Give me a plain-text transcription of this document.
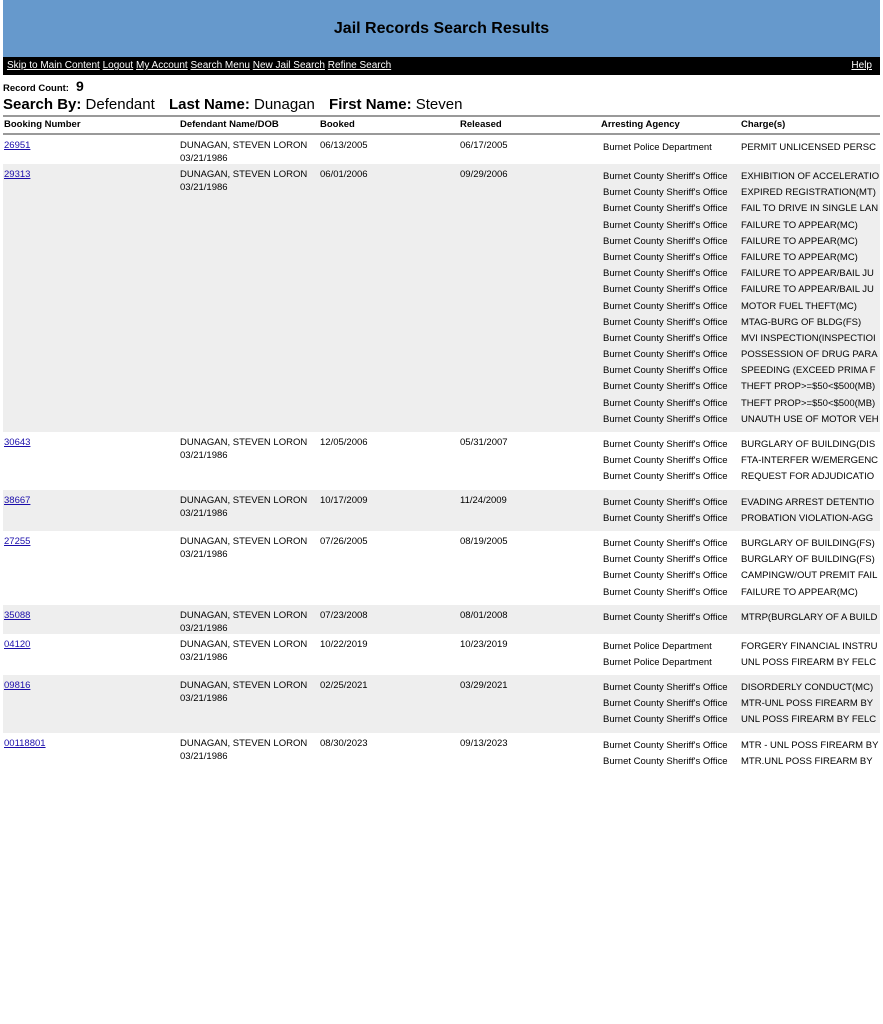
Jail Records Search Results
Skip to Main Content Logout My Account Search Menu New Jail Search Refine Search	Help
Record Count: 9
Search By: Defendant Last Name: Dunagan First Name: Steven
Booking Number	Defendant Name/DOB	Booked	Released	Arresting Agency	Charge(s)
26951	DUNAGAN, STEVEN LORON
03/21/1986
06/13/2005	06/17/2005	Burnet Police Department	PERMIT UNLICENSED PERSC
29313	DUNAGAN, STEVEN LORON
03/21/1986
06/01/2006	09/29/2006	Burnet County Sheriff's Office EXHIBITION OF ACCELERATIO
Burnet County Sheriff's Office EXPIRED REGISTRATION(MT)
Burnet County Sheriff's Office FAIL TO DRIVE IN SINGLE LAN
Burnet County Sheriff's Office FAILURE TO APPEAR(MC)
Burnet County Sheriff's Office FAILURE TO APPEAR(MC)
Burnet County Sheriff's Office FAILURE TO APPEAR(MC)
Burnet County Sheriff's Office FAILURE TO APPEAR/BAIL JU
Burnet County Sheriff's Office FAILURE TO APPEAR/BAIL JU
Burnet County Sheriff's Office MOTOR FUEL THEFT(MC)
Burnet County Sheriff's Office MTAG-BURG OF BLDG(FS)
Burnet County Sheriff's Office MVI INSPECTION(INSPECTIOI
Burnet County Sheriff's Office POSSESSION OF DRUG PARA
Burnet County Sheriff's Office SPEEDING (EXCEED PRIMA F
Burnet County Sheriff's Office THEFT PROP>=$50<$500(MB)
Burnet County Sheriff's Office THEFT PROP>=$50<$500(MB)
Burnet County Sheriff's Office UNAUTH USE OF MOTOR VEH
30643	DUNAGAN, STEVEN LORON
03/21/1986
12/05/2006	05/31/2007	Burnet County Sheriff's Office BURGLARY OF BUILDING(DIS
Burnet County Sheriff's Office FTA-INTERFER W/EMERGENC
Burnet County Sheriff's Office REQUEST FOR ADJUDICATIO
38667	DUNAGAN, STEVEN LORON
03/21/1986
10/17/2009	11/24/2009	Burnet County Sheriff's Office EVADING ARREST DETENTIO
Burnet County Sheriff's Office PROBATION VIOLATION-AGG
27255	DUNAGAN, STEVEN LORON
03/21/1986
07/26/2005	08/19/2005	Burnet County Sheriff's Office BURGLARY OF BUILDING(FS)
Burnet County Sheriff's Office BURGLARY OF BUILDING(FS)
Burnet County Sheriff's Office CAMPINGW/OUT PREMIT FAIL
Burnet County Sheriff's Office FAILURE TO APPEAR(MC)
35088	DUNAGAN, STEVEN LORON
03/21/1986
07/23/2008	08/01/2008	Burnet County Sheriff's Office MTRP(BURGLARY OF A BUILD
04120	DUNAGAN, STEVEN LORON
03/21/1986
10/22/2019	10/23/2019	Burnet Police Department	FORGERY FINANCIAL INSTRU
Burnet Police Department	UNL POSS FIREARM BY FELC
09816	DUNAGAN, STEVEN LORON
03/21/1986
02/25/2021	03/29/2021	Burnet County Sheriff's Office DISORDERLY CONDUCT(MC)
Burnet County Sheriff's Office MTR-UNL POSS FIREARM BY
Burnet County Sheriff's Office UNL POSS FIREARM BY FELC
00118801	DUNAGAN, STEVEN LORON
03/21/1986
08/30/2023	09/13/2023	Burnet County Sheriff's Office MTR - UNL POSS FIREARM BY
Burnet County Sheriff's Office MTR.UNL POSS FIREARM BY
